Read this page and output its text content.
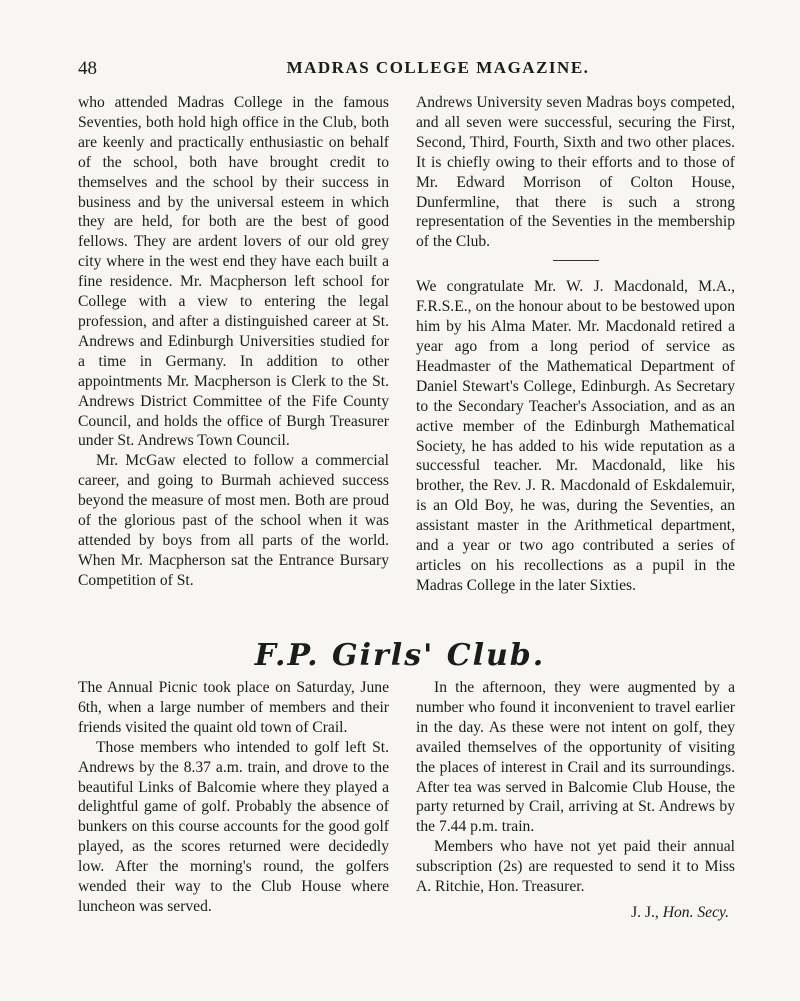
48	MADRAS COLLEGE MAGAZINE.

who attended Madras College in the famous Seventies, both hold high office in the Club, both are keenly and practically enthusiastic on behalf of the school, both have brought credit to themselves and the school by their success in business and by the universal esteem in which they are held, for both are the best of good fellows. They are ardent lovers of our old grey city where in the west end they have each built a fine residence. Mr. Macpherson left school for College with a view to entering the legal profession, and after a distinguished career at St. Andrews and Edinburgh Universities studied for a time in Germany. In addition to other appointments Mr. Macpherson is Clerk to the St. Andrews District Committee of the Fife County Council, and holds the office of Burgh Treasurer under St. Andrews Town Council.

Mr. McGaw elected to follow a commercial career, and going to Burmah achieved success beyond the measure of most men. Both are proud of the glorious past of the school when it was attended by boys from all parts of the world. When Mr. Macpherson sat the Entrance Bursary Competition of St.

Andrews University seven Madras boys competed, and all seven were successful, securing the First, Second, Third, Fourth, Sixth and two other places. It is chiefly owing to their efforts and to those of Mr. Edward Morrison of Colton House, Dunfermline, that there is such a strong representation of the Seventies in the membership of the Club.

We congratulate Mr. W. J. Macdonald, M.A., F.R.S.E., on the honour about to be bestowed upon him by his Alma Mater. Mr. Macdonald retired a year ago from a long period of service as Headmaster of the Mathematical Department of Daniel Stewart's College, Edinburgh. As Secretary to the Secondary Teacher's Association, and as an active member of the Edinburgh Mathematical Society, he has added to his wide reputation as a successful teacher. Mr. Macdonald, like his brother, the Rev. J. R. Macdonald of Eskdalemuir, is an Old Boy, he was, during the Seventies, an assistant master in the Arithmetical department, and a year or two ago contributed a series of articles on his recollections as a pupil in the Madras College in the later Sixties.

F.P. Girls' Club.

The Annual Picnic took place on Saturday, June 6th, when a large number of members and their friends visited the quaint old town of Crail.

Those members who intended to golf left St. Andrews by the 8.37 a.m. train, and drove to the beautiful Links of Balcomie where they played a delightful game of golf. Probably the absence of bunkers on this course accounts for the good golf played, as the scores returned were decidedly low. After the morning's round, the golfers wended their way to the Club House where luncheon was served.

In the afternoon, they were augmented by a number who found it inconvenient to travel earlier in the day. As these were not intent on golf, they availed themselves of the opportunity of visiting the places of interest in Crail and its surroundings. After tea was served in Balcomie Club House, the party returned by Crail, arriving at St. Andrews by the 7.44 p.m. train.

Members who have not yet paid their annual subscription (2s) are requested to send it to Miss A. Ritchie, Hon. Treasurer.

J. J., Hon. Secy.
